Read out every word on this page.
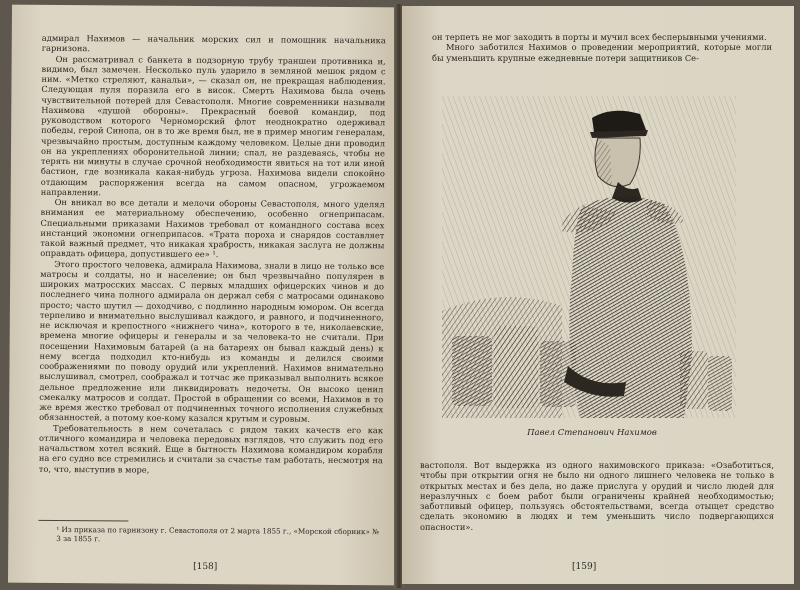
адмирал Нахимов — начальник морских сил и помощник начальника гарнизона.

Он рассматривал с банкета в подзорную трубу траншеи противника и, видимо, был замечен. Несколько пуль ударило в земляной мешок рядом с ним. «Метко стреляют, канальи», — сказал он, не прекращая наблюдения. Следующая пуля поразила его в висок. Смерть Нахимова была очень чувствительной потерей для Севастополя. Многие современники называли Нахимова «душой обороны». Прекрасный боевой командир, под руководством которого Черноморский флот неоднократно одерживал победы, герой Синопа, он в то же время был, не в пример многим генералам, чрезвычайно простым, доступным каждому человеком. Целые дни проводил он на укреплениях оборонительной линии; спал, не раздеваясь, чтобы не терять ни минуты в случае срочной необходимости явиться на тот или иной бастион, где возникала какая-нибудь угроза. Нахимова видели спокойно отдающим распоряжения всегда на самом опасном, угрожаемом направлении.

Он вникал во все детали и мелочи обороны Севастополя, много уделял внимания ее материальному обеспечению, особенно огнеприпасам. Специальными приказами Нахимов требовал от командного состава всех инстанций экономии огнеприпасов. «Трата пороха и снарядов составляет такой важный предмет, что никакая храбрость, никакая заслуга не должны оправдать офицера, допустившего ее» ¹.

Этого простого человека, адмирала Нахимова, знали в лицо не только все матросы и солдаты, но и население; он был чрезвычайно популярен в широких матросских массах. С первых младших офицерских чинов и до последнего чина полного адмирала он держал себя с матросами одинаково просто; часто шутил — доходчиво, с подлинно народным юмором. Он всегда терпеливо и внимательно выслушивал каждого, и равного, и подчиненного, не исключая и крепостного «нижнего чина», которого в те, николаевские, времена многие офицеры и генералы и за человека-то не считали. При посещении Нахимовым батарей (а на батареях он бывал каждый день) к нему всегда подходил кто-нибудь из команды и делился своими соображениями по поводу орудий или укреплений. Нахимов внимательно выслушивал, смотрел, соображал и тотчас же приказывал выполнить всякое дельное предложение или ликвидировать недочеты. Он высоко ценил смекалку матросов и солдат. Простой в обращении со всеми, Нахимов в то же время жестко требовал от подчиненных точного исполнения служебных обязанностей, а потому кое-кому казался крутым и суровым.

Требовательность в нем сочеталась с рядом таких качеств его как отличного командира и человека передовых взглядов, что служить под его начальством хотел всякий. Еще в бытность Нахимова командиром корабля на его судно все стремились и считали за счастье там работать, несмотря на то, что, выступив в море,

¹ Из приказа по гарнизону г. Севастополя от 2 марта 1855 г., «Морской сборник» № 3 за 1855 г.
[158]

он терпеть не мог заходить в порты и мучил всех бесперывными учениями.

Много заботился Нахимов о проведении мероприятий, которые могли бы уменьшить крупные ежедневные потери защитников Се-

Павел Степанович Нахимов

вастополя. Вот выдержка из одного нахимовского приказа: «Озаботиться, чтобы при открытии огня не было ни одного лишнего человека не только в открытых местах и без дела, но даже прислуга у орудий и число людей для неразлучных с боем работ были ограничены крайней необходимостью; заботливый офицер, пользуясь обстоятельствами, всегда отыщет средство сделать экономию в людях и тем уменьшить число подвергающихся опасности».

[159]
